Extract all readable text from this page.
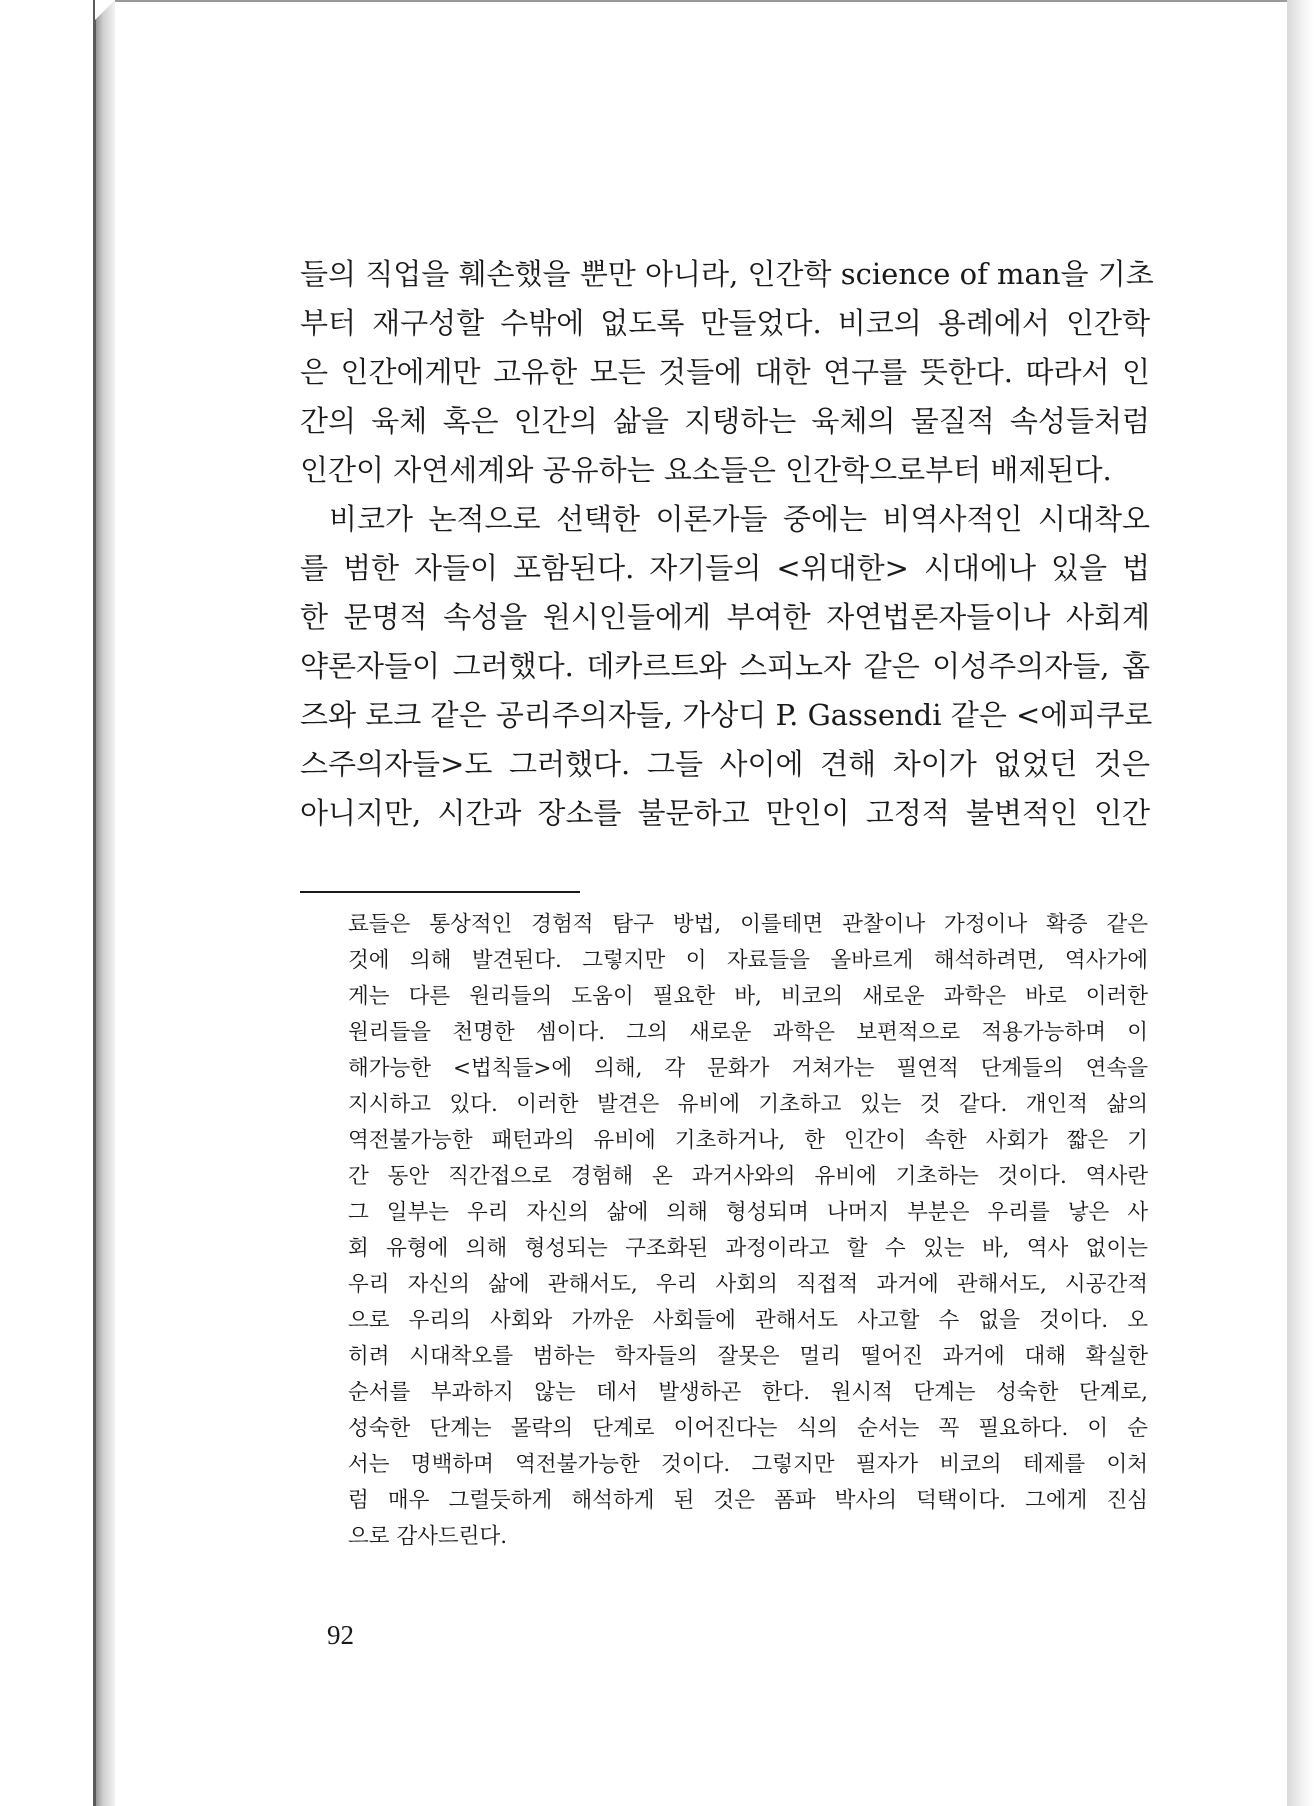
들의 직업을 훼손했을 뿐만 아니라, 인간학 science of man을 기초
부터 재구성할 수밖에 없도록 만들었다. 비코의 용례에서 인간학
은 인간에게만 고유한 모든 것들에 대한 연구를 뜻한다. 따라서 인
간의 육체 혹은 인간의 삶을 지탱하는 육체의 물질적 속성들처럼
인간이 자연세계와 공유하는 요소들은 인간학으로부터 배제된다.
비코가 논적으로 선택한 이론가들 중에는 비역사적인 시대착오
를 범한 자들이 포함된다. 자기들의 <위대한> 시대에나 있을 법
한 문명적 속성을 원시인들에게 부여한 자연법론자들이나 사회계
약론자들이 그러했다. 데카르트와 스피노자 같은 이성주의자들, 홉
즈와 로크 같은 공리주의자들, 가상디 P. Gassendi 같은 <에피쿠로
스주의자들>도 그러했다. 그들 사이에 견해 차이가 없었던 것은
아니지만, 시간과 장소를 불문하고 만인이 고정적 불변적인 인간
료들은 통상적인 경험적 탐구 방법, 이를테면 관찰이나 가정이나 확증 같은
것에 의해 발견된다. 그렇지만 이 자료들을 올바르게 해석하려면, 역사가에
게는 다른 원리들의 도움이 필요한 바, 비코의 새로운 과학은 바로 이러한
원리들을 천명한 셈이다. 그의 새로운 과학은 보편적으로 적용가능하며 이
해가능한 <법칙들>에 의해, 각 문화가 거쳐가는 필연적 단계들의 연속을
지시하고 있다. 이러한 발견은 유비에 기초하고 있는 것 같다. 개인적 삶의
역전불가능한 패턴과의 유비에 기초하거나, 한 인간이 속한 사회가 짧은 기
간 동안 직간접으로 경험해 온 과거사와의 유비에 기초하는 것이다. 역사란
그 일부는 우리 자신의 삶에 의해 형성되며 나머지 부분은 우리를 낳은 사
회 유형에 의해 형성되는 구조화된 과정이라고 할 수 있는 바, 역사 없이는
우리 자신의 삶에 관해서도, 우리 사회의 직접적 과거에 관해서도, 시공간적
으로 우리의 사회와 가까운 사회들에 관해서도 사고할 수 없을 것이다. 오
히려 시대착오를 범하는 학자들의 잘못은 멀리 떨어진 과거에 대해 확실한
순서를 부과하지 않는 데서 발생하곤 한다. 원시적 단계는 성숙한 단계로,
성숙한 단계는 몰락의 단계로 이어진다는 식의 순서는 꼭 필요하다. 이 순
서는 명백하며 역전불가능한 것이다. 그렇지만 필자가 비코의 테제를 이처
럼 매우 그럴듯하게 해석하게 된 것은 폼파 박사의 덕택이다. 그에게 진심
으로 감사드린다.
92
